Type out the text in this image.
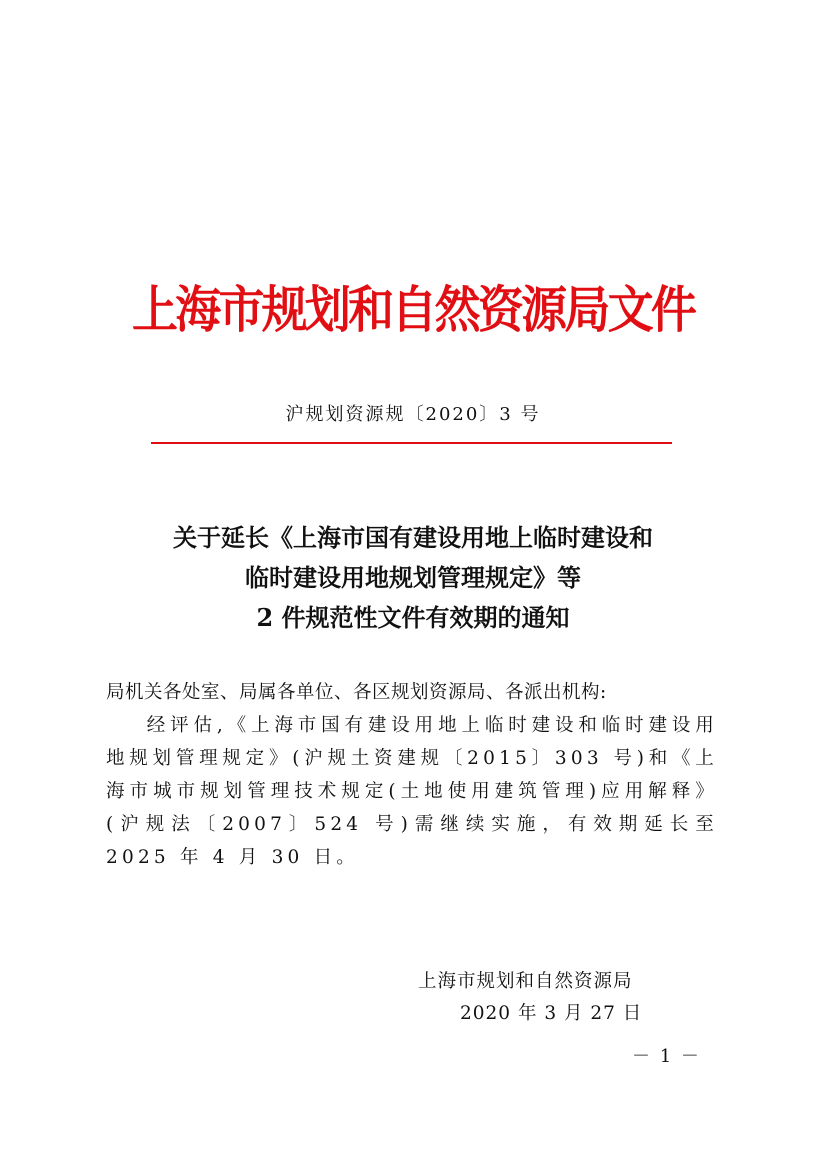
上海市规划和自然资源局文件
沪规划资源规〔2020〕3 号
关于延长《上海市国有建设用地上临时建设和
临时建设用地规划管理规定》等
2 件规范性文件有效期的通知
局机关各处室、局属各单位、各区规划资源局、各派出机构:
经评估,《上海市国有建设用地上临时建设和临时建设用地规划管理规定》(沪规土资建规〔2015〕303 号)和《上海市城市规划管理技术规定(土地使用建筑管理)应用解释》(沪规法〔2007〕524 号)需继续实施，有效期延长至 2025 年 4 月 30 日。
上海市规划和自然资源局
2020 年 3 月 27 日
－ 1 －
